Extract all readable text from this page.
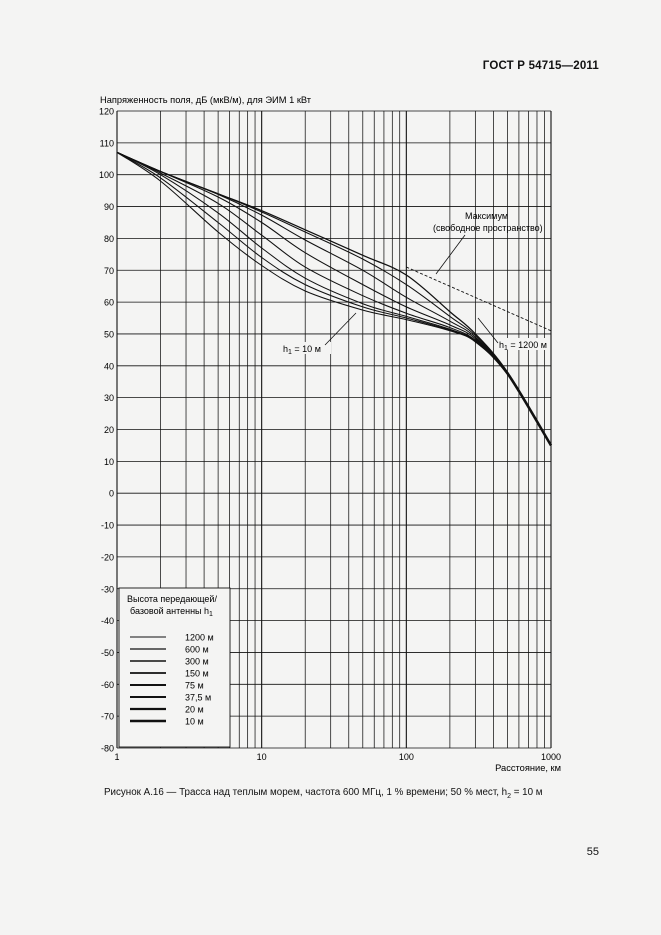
ГОСТ Р 54715—2011
Напряженность поля, дБ (мкВ/м), для ЭИМ 1 кВт
120
110
100
90
80
70
60
50
40
30
20
10
0
-10
-20
-30
-40
-50
-60
-70
-80
1	10	100	1000
Высота передающей/
базовой антенны $h_1$
1200 м
600 м
300 м
150 м
75 м
37,5 м
20 м
10 м
Максимум
(свободное пространство)
$h_1 = 10$ м	$h_1 = 1200$ м
Расстояние, км
Рисунок А.16 — Трасса над теплым морем, частота 600 МГц, 1 % времени; 50 % мест, $h_2 = 10$ м
55
